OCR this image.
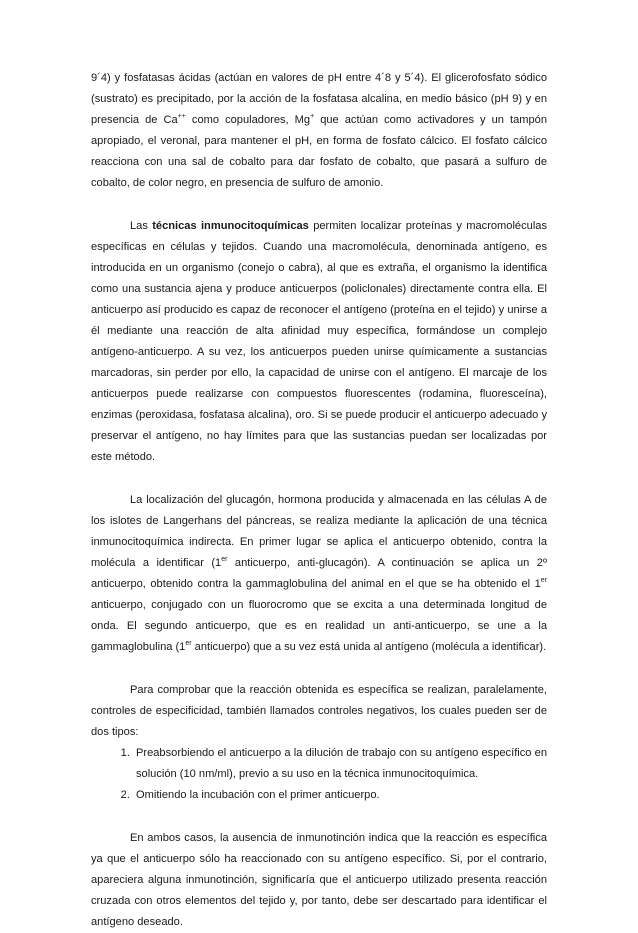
9´4) y fosfatasas ácidas (actúan en valores de pH entre 4´8 y 5´4). El glicerofosfato sódico (sustrato) es precipitado, por la acción de la fosfatasa alcalina, en medio básico (pH 9) y en presencia de Ca++ como copuladores, Mg+ que actúan como activadores y un tampón apropiado, el veronal, para mantener el pH, en forma de fosfato cálcico. El fosfato cálcico reacciona con una sal de cobalto para dar fosfato de cobalto, que pasará a sulfuro de cobalto, de color negro, en presencia de sulfuro de amonio.

Las técnicas inmunocitoquímicas permiten localizar proteínas y macromoléculas específicas en células y tejidos. Cuando una macromolécula, denominada antígeno, es introducida en un organismo (conejo o cabra), al que es extraña, el organismo la identifica como una sustancia ajena y produce anticuerpos (policlonales) directamente contra ella. El anticuerpo así producido es capaz de reconocer el antígeno (proteína en el tejido) y unirse a él mediante una reacción de alta afinidad muy específica, formándose un complejo antígeno-anticuerpo. A su vez, los anticuerpos pueden unirse químicamente a sustancias marcadoras, sin perder por ello, la capacidad de unirse con el antígeno. El marcaje de los anticuerpos puede realizarse con compuestos fluorescentes (rodamina, fluoresceína), enzimas (peroxidasa, fosfatasa alcalina), oro. Si se puede producir el anticuerpo adecuado y preservar el antígeno, no hay límites para que las sustancias puedan ser localizadas por este método.

La localización del glucagón, hormona producida y almacenada en las células A de los islotes de Langerhans del páncreas, se realiza mediante la aplicación de una técnica inmunocitoquímica indirecta. En primer lugar se aplica el anticuerpo obtenido, contra la molécula a identificar (1er anticuerpo, anti-glucagón). A continuación se aplica un 2º anticuerpo, obtenido contra la gammaglobulina del animal en el que se ha obtenido el 1er anticuerpo, conjugado con un fluorocromo que se excita a una determinada longitud de onda. El segundo anticuerpo, que es en realidad un anti-anticuerpo, se une a la gammaglobulina (1er anticuerpo) que a su vez está unida al antígeno (molécula a identificar).

Para comprobar que la reacción obtenida es específica se realizan, paralelamente, controles de especificidad, también llamados controles negativos, los cuales pueden ser de dos tipos:

1. Preabsorbiendo el anticuerpo a la dilución de trabajo con su antígeno específico en solución (10 nm/ml), previo a su uso en la técnica inmunocitoquímica.
2. Omitiendo la incubación con el primer anticuerpo.

En ambos casos, la ausencia de inmunotinción indica que la reacción es específica ya que el anticuerpo sólo ha reaccionado con su antígeno específico. Si, por el contrario, apareciera alguna inmunotinción, significaría que el anticuerpo utilizado presenta reacción cruzada con otros elementos del tejido y, por tanto, debe ser descartado para identificar el antígeno deseado.
